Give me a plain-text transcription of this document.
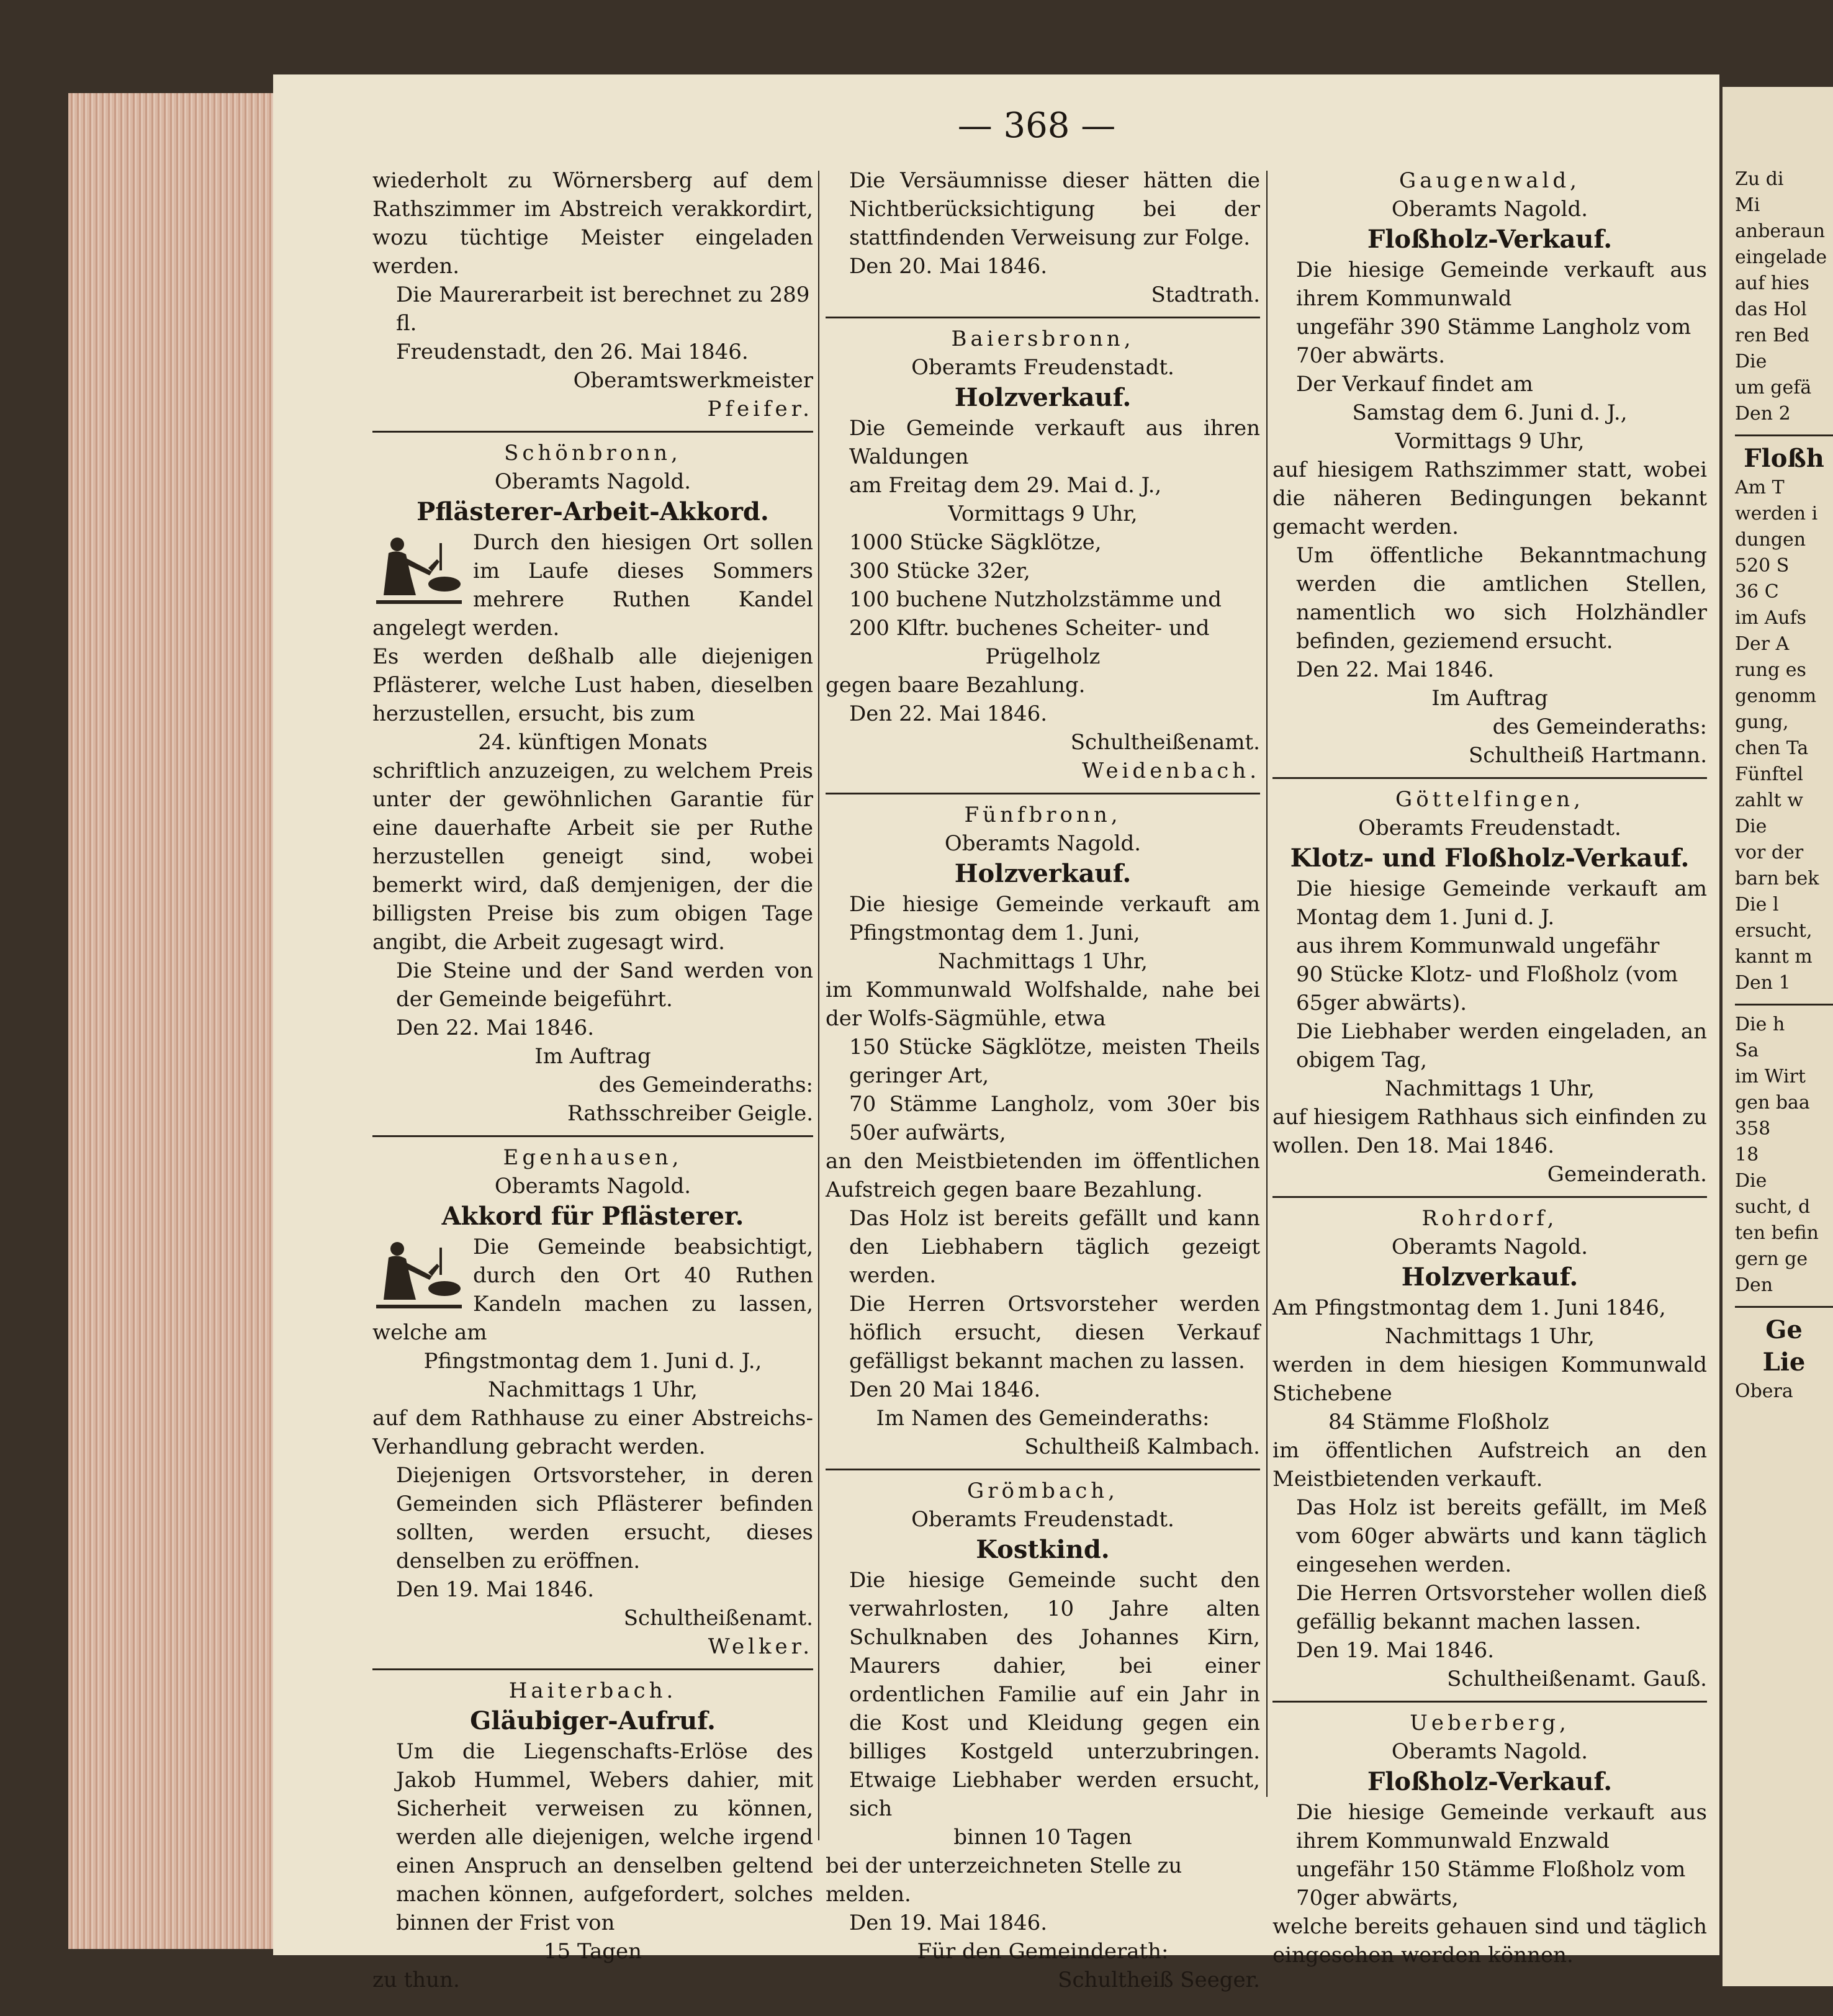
— 368 —

wiederholt zu Wörnersberg auf dem Rathszimmer im Abstreich verakkordirt, wozu tüchtige Meister eingeladen werden.

Die Maurerarbeit ist berechnet zu 289 fl.

Freudenstadt, den 26. Mai 1846.

Oberamtswerkmeister

Pfeifer.

Schönbronn,

Oberamts Nagold.

Pflästerer-Arbeit-Akkord.

Durch den hiesigen Ort sollen im Laufe dieses Sommers mehrere Ruthen Kandel angelegt werden.

Es werden deßhalb alle diejenigen Pflästerer, welche Lust haben, dieselben herzustellen, ersucht, bis zum

24. künftigen Monats

schriftlich anzuzeigen, zu welchem Preis unter der gewöhnlichen Garantie für eine dauerhafte Arbeit sie per Ruthe herzustellen geneigt sind, wobei bemerkt wird, daß demjenigen, der die billigsten Preise bis zum obigen Tage angibt, die Arbeit zugesagt wird.

Die Steine und der Sand werden von der Gemeinde beigeführt.

Den 22. Mai 1846.

Im Auftrag

des Gemeinderaths:

Rathsschreiber Geigle.

Egenhausen,

Oberamts Nagold.

Akkord für Pflästerer.

Die Gemeinde beabsichtigt, durch den Ort 40 Ruthen Kandeln machen zu lassen, welche am

Pfingstmontag dem 1. Juni d. J.,

Nachmittags 1 Uhr,

auf dem Rathhause zu einer Abstreichs-Verhandlung gebracht werden.

Diejenigen Ortsvorsteher, in deren Gemeinden sich Pflästerer befinden sollten, werden ersucht, dieses denselben zu eröffnen.

Den 19. Mai 1846.

Schultheißenamt.

Welker.

Haiterbach.

Gläubiger-Aufruf.

Um die Liegenschafts-Erlöse des Jakob Hummel, Webers dahier, mit Sicherheit verweisen zu können, werden alle diejenigen, welche irgend einen Anspruch an denselben geltend machen können, aufgefordert, solches binnen der Frist von

15 Tagen

zu thun.

Die Versäumnisse dieser hätten die Nichtberücksichtigung bei der stattfindenden Verweisung zur Folge.

Den 20. Mai 1846.

Stadtrath.

Baiersbronn,

Oberamts Freudenstadt.

Holzverkauf.

Die Gemeinde verkauft aus ihren Waldungen

am Freitag dem 29. Mai d. J.,

Vormittags 9 Uhr,

1000 Stücke Sägklötze,

300 Stücke 32er,

100 buchene Nutzholzstämme und

200 Klftr. buchenes Scheiter- und

Prügelholz

gegen baare Bezahlung.

Den 22. Mai 1846.

Schultheißenamt.

Weidenbach.

Fünfbronn,

Oberamts Nagold.

Holzverkauf.

Die hiesige Gemeinde verkauft am Pfingstmontag dem 1. Juni,

Nachmittags 1 Uhr,

im Kommunwald Wolfshalde, nahe bei der Wolfs-Sägmühle, etwa

150 Stücke Sägklötze, meisten Theils geringer Art,

70 Stämme Langholz, vom 30er bis 50er aufwärts,

an den Meistbietenden im öffentlichen Aufstreich gegen baare Bezahlung.

Das Holz ist bereits gefällt und kann den Liebhabern täglich gezeigt werden.

Die Herren Ortsvorsteher werden höflich ersucht, diesen Verkauf gefälligst bekannt machen zu lassen.

Den 20 Mai 1846.

Im Namen des Gemeinderaths:

Schultheiß Kalmbach.

Grömbach,

Oberamts Freudenstadt.

Kostkind.

Die hiesige Gemeinde sucht den verwahrlosten, 10 Jahre alten Schulknaben des Johannes Kirn, Maurers dahier, bei einer ordentlichen Familie auf ein Jahr in die Kost und Kleidung gegen ein billiges Kostgeld unterzubringen. Etwaige Liebhaber werden ersucht, sich

binnen 10 Tagen

bei der unterzeichneten Stelle zu melden.

Den 19. Mai 1846.

Für den Gemeinderath:

Schultheiß Seeger.

Gaugenwald,

Oberamts Nagold.

Floßholz-Verkauf.

Die hiesige Gemeinde verkauft aus ihrem Kommunwald

ungefähr 390 Stämme Langholz vom 70er abwärts.

Der Verkauf findet am

Samstag dem 6. Juni d. J.,

Vormittags 9 Uhr,

auf hiesigem Rathszimmer statt, wobei die näheren Bedingungen bekannt gemacht werden.

Um öffentliche Bekanntmachung werden die amtlichen Stellen, namentlich wo sich Holzhändler befinden, geziemend ersucht.

Den 22. Mai 1846.

Im Auftrag

des Gemeinderaths:

Schultheiß Hartmann.

Göttelfingen,

Oberamts Freudenstadt.

Klotz- und Floßholz-Verkauf.

Die hiesige Gemeinde verkauft am Montag dem 1. Juni d. J.

aus ihrem Kommunwald ungefähr

90 Stücke Klotz- und Floßholz (vom 65ger abwärts).

Die Liebhaber werden eingeladen, an obigem Tag,

Nachmittags 1 Uhr,

auf hiesigem Rathhaus sich einfinden zu wollen. Den 18. Mai 1846.

Gemeinderath.

Rohrdorf,

Oberamts Nagold.

Holzverkauf.

Am Pfingstmontag dem 1. Juni 1846,

Nachmittags 1 Uhr,

werden in dem hiesigen Kommunwald Stichebene

84 Stämme Floßholz

im öffentlichen Aufstreich an den Meistbietenden verkauft.

Das Holz ist bereits gefällt, im Meß vom 60ger abwärts und kann täglich eingesehen werden.

Die Herren Ortsvorsteher wollen dieß gefällig bekannt machen lassen.

Den 19. Mai 1846.

Schultheißenamt. Gauß.

Ueberberg,

Oberamts Nagold.

Floßholz-Verkauf.

Die hiesige Gemeinde verkauft aus ihrem Kommunwald Enzwald

ungefähr 150 Stämme Floßholz vom 70ger abwärts,

welche bereits gehauen sind und täglich eingesehen werden können.

Zu di

Mi

anberaun

eingelade

auf hies

das Hol

ren Bed

Die

um gefä

Den 2

Floßh

Am T

werden i

dungen

520 S

36 C

im Aufs

Der A

rung es

genomm

gung,

chen Ta

Fünftel

zahlt w

Die

vor der

barn bek

Die l

ersucht,

kannt m

Den 1

Die h

Sa

im Wirt

gen baa

358

18

Die

sucht, d

ten befin

gern ge

Den

Ge

Lie

Obera
